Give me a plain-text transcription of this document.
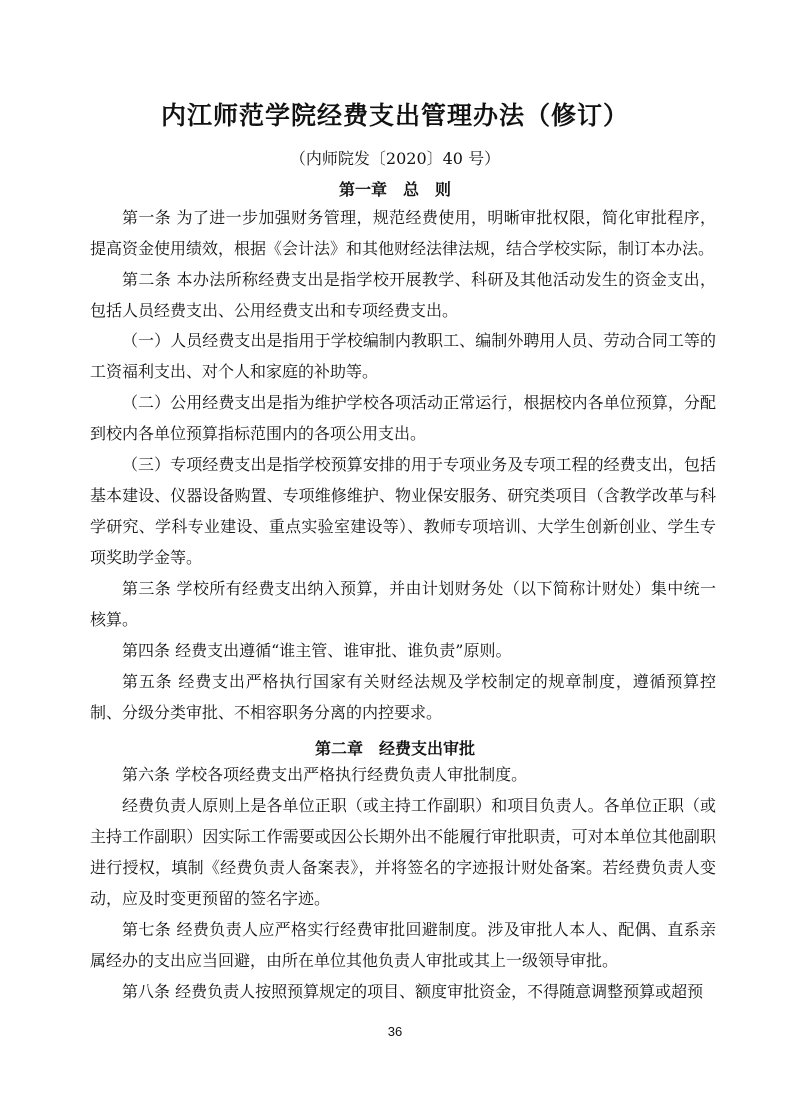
内江师范学院经费支出管理办法（修订）
（内师院发〔2020〕40 号）
第一章　总　则

第一条 为了进一步加强财务管理，规范经费使用，明晰审批权限，简化审批程序，提高资金使用绩效，根据《会计法》和其他财经法律法规，结合学校实际，制订本办法。

第二条 本办法所称经费支出是指学校开展教学、科研及其他活动发生的资金支出，包括人员经费支出、公用经费支出和专项经费支出。

（一）人员经费支出是指用于学校编制内教职工、编制外聘用人员、劳动合同工等的工资福利支出、对个人和家庭的补助等。

（二）公用经费支出是指为维护学校各项活动正常运行，根据校内各单位预算，分配到校内各单位预算指标范围内的各项公用支出。

（三）专项经费支出是指学校预算安排的用于专项业务及专项工程的经费支出，包括基本建设、仪器设备购置、专项维修维护、物业保安服务、研究类项目（含教学改革与科学研究、学科专业建设、重点实验室建设等）、教师专项培训、大学生创新创业、学生专项奖助学金等。

第三条 学校所有经费支出纳入预算，并由计划财务处（以下简称计财处）集中统一核算。

第四条 经费支出遵循“谁主管、谁审批、谁负责”原则。

第五条 经费支出严格执行国家有关财经法规及学校制定的规章制度，遵循预算控制、分级分类审批、不相容职务分离的内控要求。

第二章　经费支出审批

第六条 学校各项经费支出严格执行经费负责人审批制度。

经费负责人原则上是各单位正职（或主持工作副职）和项目负责人。各单位正职（或主持工作副职）因实际工作需要或因公长期外出不能履行审批职责，可对本单位其他副职进行授权，填制《经费负责人备案表》，并将签名的字迹报计财处备案。若经费负责人变动，应及时变更预留的签名字迹。

第七条 经费负责人应严格实行经费审批回避制度。涉及审批人本人、配偶、直系亲属经办的支出应当回避，由所在单位其他负责人审批或其上一级领导审批。

第八条 经费负责人按照预算规定的项目、额度审批资金，不得随意调整预算或超预

36
